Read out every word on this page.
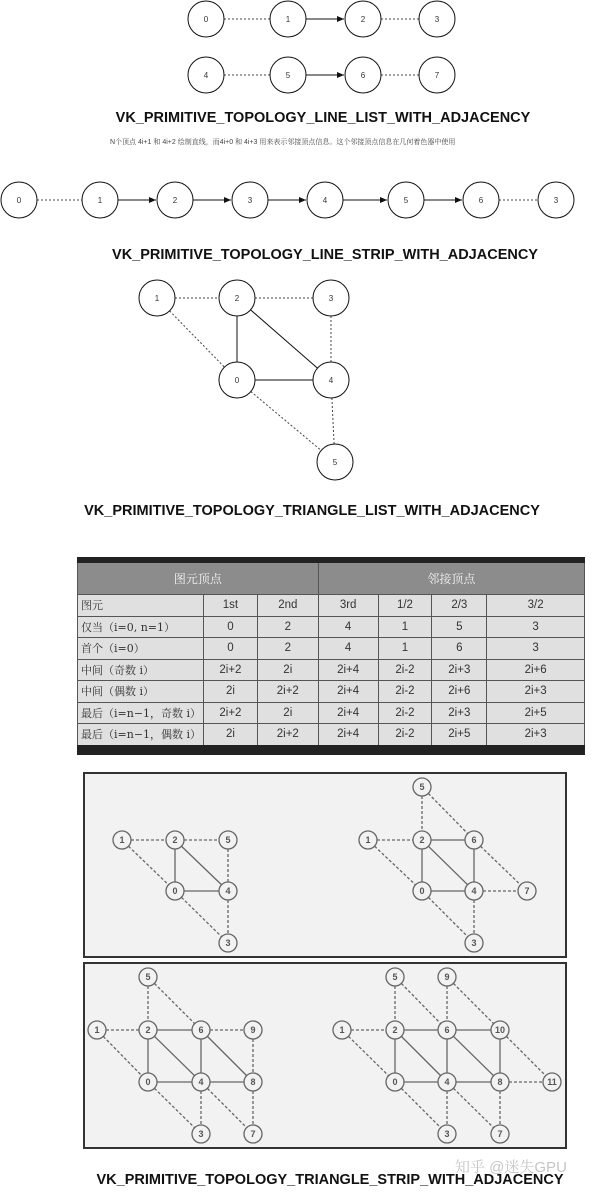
0	1	2	3
4	5	6	7
0	1	2	3	4	5	6	3
1	2	3
0	4
5
1	2	5
0	4
3
5
1	2	6
0	4	7
3
5
1	2	6	9
0	4	8
3	7
5	9
1	2	6	10
0	4	8	11
3	7
VK_PRIMITIVE_TOPOLOGY_LINE_LIST_WITH_ADJACENCY
N个顶点 4i+1 和 4i+2 绘制直线，而4i+0 和 4i+3 用来表示邻接顶点信息。这个邻接顶点信息在几何着色器中使用
VK_PRIMITIVE_TOPOLOGY_LINE_STRIP_WITH_ADJACENCY
VK_PRIMITIVE_TOPOLOGY_TRIANGLE_LIST_WITH_ADJACENCY
图元顶点			邻接顶点			
图元	1st	2nd	3rd	1/2	2/3	3/2
仅当（i=0, n=1）	0	2	4	1	5	3
首个（i=0）	0	2	4	1	6	3
中间（奇数 i）	2i+2	2i	2i+4	2i-2	2i+3	2i+6
中间（偶数 i）	2i	2i+2	2i+4	2i-2	2i+6	2i+3
最后（i=n−1，奇数 i）	2i+2	2i	2i+4	2i-2	2i+3	2i+5
最后（i=n−1，偶数 i）	2i	2i+2	2i+4	2i-2	2i+5	2i+3
VK_PRIMITIVE_TOPOLOGY_TRIANGLE_STRIP_WITH_ADJACENCY
知乎 @迷失GPU
